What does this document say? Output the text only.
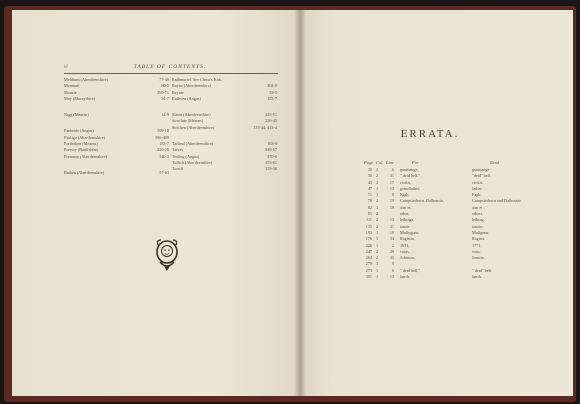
vi	TABLE OF CONTENTS.
Meldrum (Aberdeenshire)	77-30
Menmuir	80-5
Monzie	269-71
Moy (Morayshire)	94-7
Nigg (Mearns)	14-9
Panbride (Angus)	309-18
Pitsligo (Aberdeenshire)	396-409
Portlethen (Mearns)	183-7
Portsoy (Banffshire)	226-20
Premnay (Aberdeenshire)	340-3
Rathen (Aberdeenshire)	57-63
Rathmuriel. See Christ's Kirk.
Rayne (Aberdeenshire)	304-9
Reynie	33-5
Ruthven (Angus)	183-7
Slains (Aberdeenshire)	245-51
Strachan (Mearns)	236-45
Strichen (Aberdeenshire)	133-44, 413-4
Tarland (Aberdeenshire)	163-9
Tarves	349-57
Tealing (Angus)	370-6
Tullich (Aberdeenshire)	155-61
Turriff	119-36
ERRATA.
Page Col. Line	For	Read
20 1	6 gunmauge,	gunmange.
30 2	31 " deid bell,"	"deid" bell.
43 2	17 civilis,	civilis.
47 1	13 grandfather,	father.
71 1	8 Kigh,	Fagh.
78 2	19 Campsiedown, Dalhousie,	Campsiedown and Dalhousie.
82 1	19 wm et;	wm et ;
85 2	other,	others.
111 2	13 lethings,	lething.
135 2	41 tomer	tomen.
193 1	10 Mullygone,	Mullgone.
176 1	34 Ragistin,	Ragistr.
226 1	2 1671,	1771.
247 2	29 votas,	vous.
264 2	35 Johnson,	Jonson.
270 1	9
273 1	6 " deid bell,"	" deid" bell.
301 1	13 lairds,	lairds.
